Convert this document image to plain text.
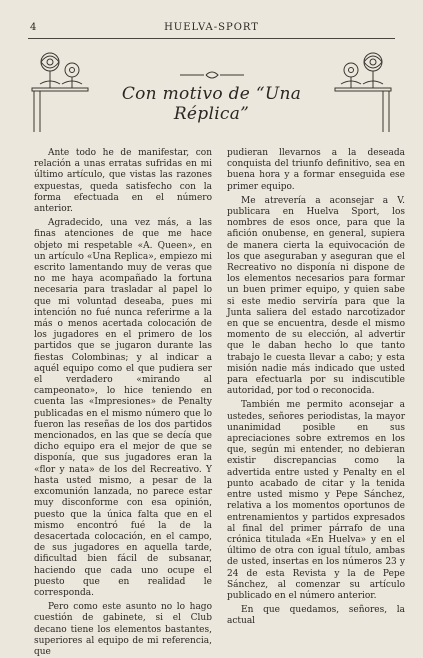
4	HUELVA-SPORT
Con motivo de “Una Réplica”

Ante todo he de manifestar, con relación a unas erratas sufridas en mi último artículo, que vistas las razones expuestas, queda satisfecho con la forma efectuada en el número anterior.

Agradecido, una vez más, a las finas atenciones de que me hace objeto mi respetable «A. Queen», en un artículo «Una Replica», empiezo mi escrito lamentando muy de veras que no me haya acompañado la fortuna necesaria para trasladar al papel lo que mi voluntad deseaba, pues mi intención no fué nunca referirme a la más o menos acertada colocación de los jugadores en el primero de los partidos que se jugaron durante las fiestas Colombinas; y al indicar a aquél equipo como el que pudiera ser el verdadero «mirando al campeonato», lo hice teniendo en cuenta las «Impresiones» de Penalty publicadas en el mismo número que lo fueron las reseñas de los dos partidos mencionados, en las que se decía que dicho equipo era el mejor de que se disponía, que sus jugadores eran la «flor y nata» de los del Recreativo. Y hasta usted mismo, a pesar de la excomunión lanzada, no parece estar muy disconforme con esa opinión, puesto que la única falta que en el mismo encontró fué la de la desacertada colocación, en el campo, de sus jugadores en aquella tarde, dificultad bien fácil de subsanar, haciendo que cada uno ocupe el puesto que en realidad le corresponda.

Pero como este asunto no lo hago cuestión de gabinete, si el Club decano tiene los elementos bastantes, superiores al equipo de mi referencia, que

pudieran llevarnos a la deseada conquista del triunfo definitivo, sea en buena hora y a formar enseguida ese primer equipo.

Me atrevería a aconsejar a V. publicara en Huelva Sport, los nombres de esos once, para que la afición onubense, en general, supiera de manera cierta la equivocación de los que aseguraban y aseguran que el Recreativo no disponía ni dispone de los elementos necesarios para formar un buen primer equipo, y quien sabe si este medio serviría para que la Junta saliera del estado narcotizador en que se encuentra, desde el mismo momento de su elección, al advertir que le daban hecho lo que tanto trabajo le cuesta llevar a cabo; y esta misión nadie más indicado que usted para efectuarla por su indiscutible autoridad, por tod o reconocida.

También me permito aconsejar a ustedes, señores periodistas, la mayor unanimidad posible en sus apreciaciones sobre extremos en los que, según mi entender, no debieran existir discrepancias como la advertida entre usted y Penalty en el punto acabado de citar y la tenida entre usted mismo y Pepe Sánchez, relativa a los momentos oportunos de entrenamientos y partidos expresados al final del primer párrafo de una crónica titulada «En Huelva» y en el último de otra con igual título, ambas de usted, insertas en los números 23 y 24 de esta Revista y la de Pepe Sánchez, al comenzar su artículo publicado en el número anterior.

En que quedamos, señores, la actual
